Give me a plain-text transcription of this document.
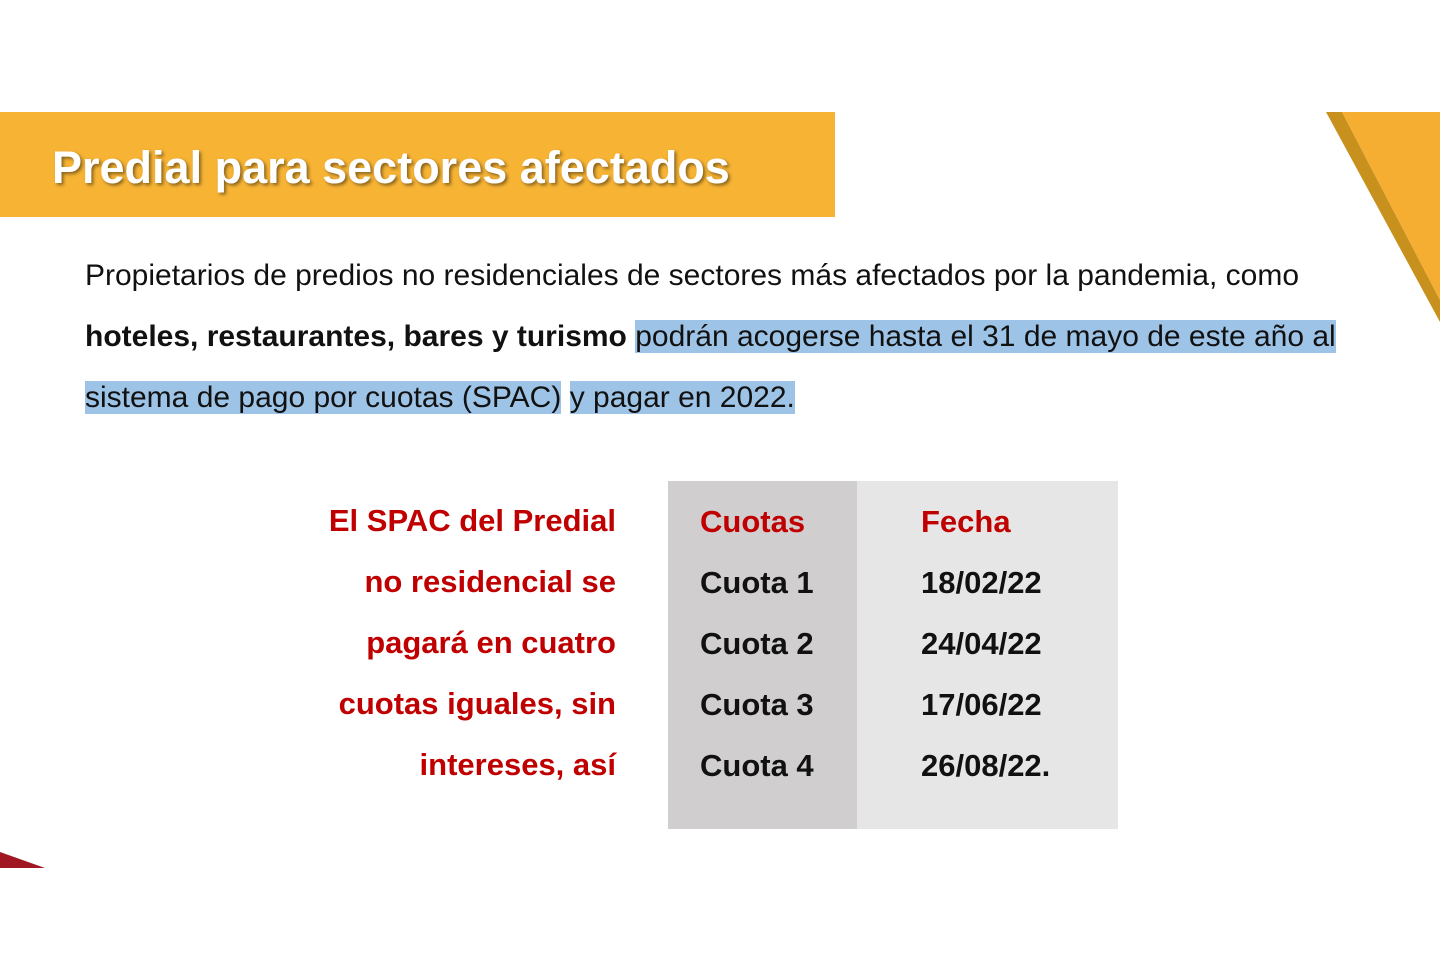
Predial para sectores afectados
Propietarios de predios no residenciales de sectores más afectados por la pandemia, como hoteles, restaurantes, bares y turismo podrán acogerse hasta el 31 de mayo de este año al sistema de pago por cuotas (SPAC) y pagar en 2022.
El SPAC del Predial
no residencial se
pagará en cuatro
cuotas iguales, sin
intereses, así
Cuotas
Cuota 1
Cuota 2
Cuota 3
Cuota 4
Fecha
18/02/22
24/04/22
17/06/22
26/08/22.
